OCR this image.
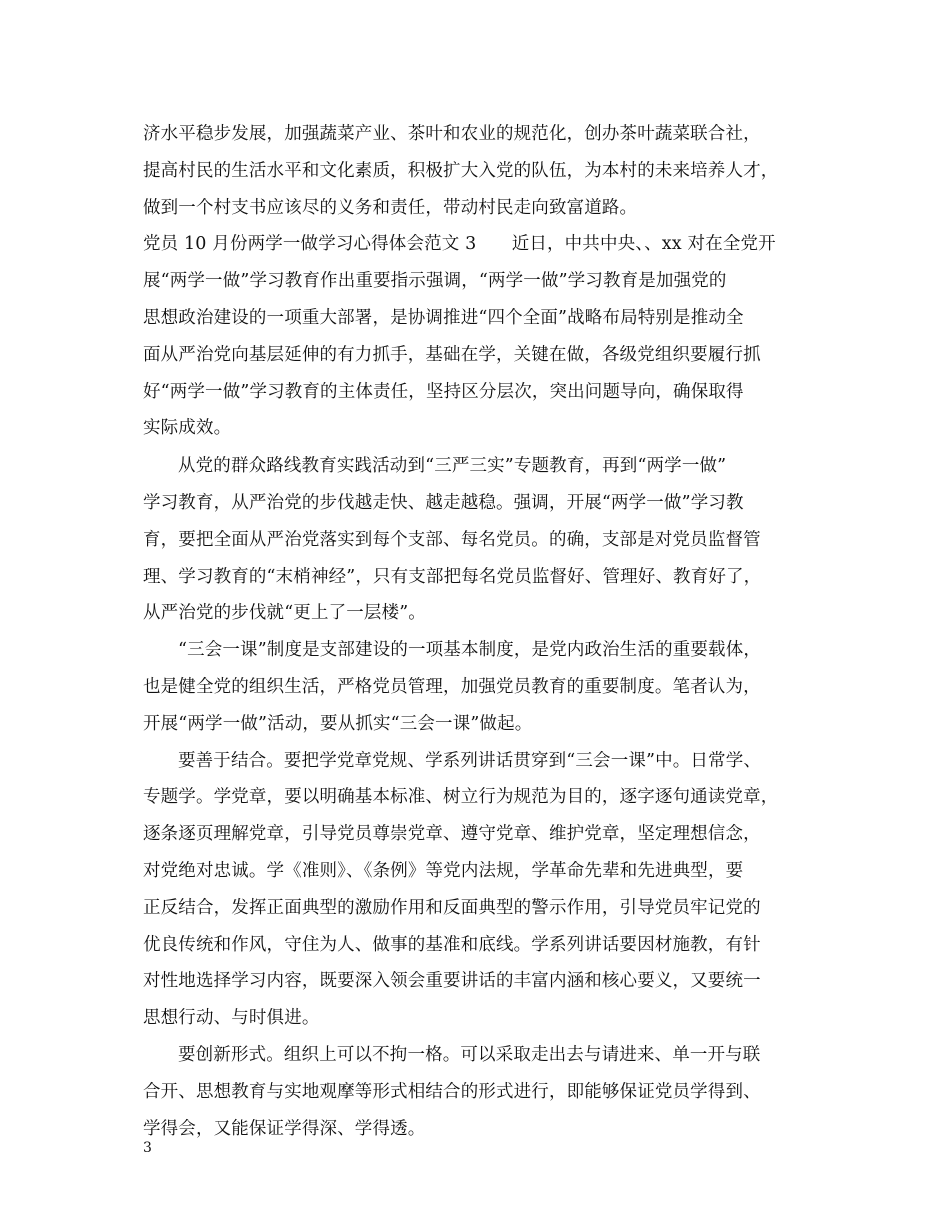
济水平稳步发展，加强蔬菜产业、茶叶和农业的规范化，创办茶叶蔬菜联合社，
提高村民的生活水平和文化素质，积极扩大入党的队伍，为本村的未来培养人才，
做到一个村支书应该尽的义务和责任，带动村民走向致富道路。
党员 10 月份两学一做学习心得体会范文 3　　近日，中共中央、、xx 对在全党开
展“两学一做”学习教育作出重要指示强调，“两学一做”学习教育是加强党的
思想政治建设的一项重大部署，是协调推进“四个全面”战略布局特别是推动全
面从严治党向基层延伸的有力抓手，基础在学，关键在做，各级党组织要履行抓
好“两学一做”学习教育的主体责任，坚持区分层次，突出问题导向，确保取得
实际成效。
从党的群众路线教育实践活动到“三严三实”专题教育，再到“两学一做”
学习教育，从严治党的步伐越走快、越走越稳。强调，开展“两学一做”学习教
育，要把全面从严治党落实到每个支部、每名党员。的确，支部是对党员监督管
理、学习教育的“末梢神经”，只有支部把每名党员监督好、管理好、教育好了，
从严治党的步伐就“更上了一层楼”。
“三会一课”制度是支部建设的一项基本制度，是党内政治生活的重要载体，
也是健全党的组织生活，严格党员管理，加强党员教育的重要制度。笔者认为，
开展“两学一做”活动，要从抓实“三会一课”做起。
要善于结合。要把学党章党规、学系列讲话贯穿到“三会一课”中。日常学、
专题学。学党章，要以明确基本标准、树立行为规范为目的，逐字逐句通读党章，
逐条逐页理解党章，引导党员尊崇党章、遵守党章、维护党章，坚定理想信念，
对党绝对忠诚。学《准则》、《条例》等党内法规，学革命先辈和先进典型，要
正反结合，发挥正面典型的激励作用和反面典型的警示作用，引导党员牢记党的
优良传统和作风，守住为人、做事的基准和底线。学系列讲话要因材施教，有针
对性地选择学习内容，既要深入领会重要讲话的丰富内涵和核心要义，又要统一
思想行动、与时俱进。
要创新形式。组织上可以不拘一格。可以采取走出去与请进来、单一开与联
合开、思想教育与实地观摩等形式相结合的形式进行，即能够保证党员学得到、
学得会，又能保证学得深、学得透。
3
